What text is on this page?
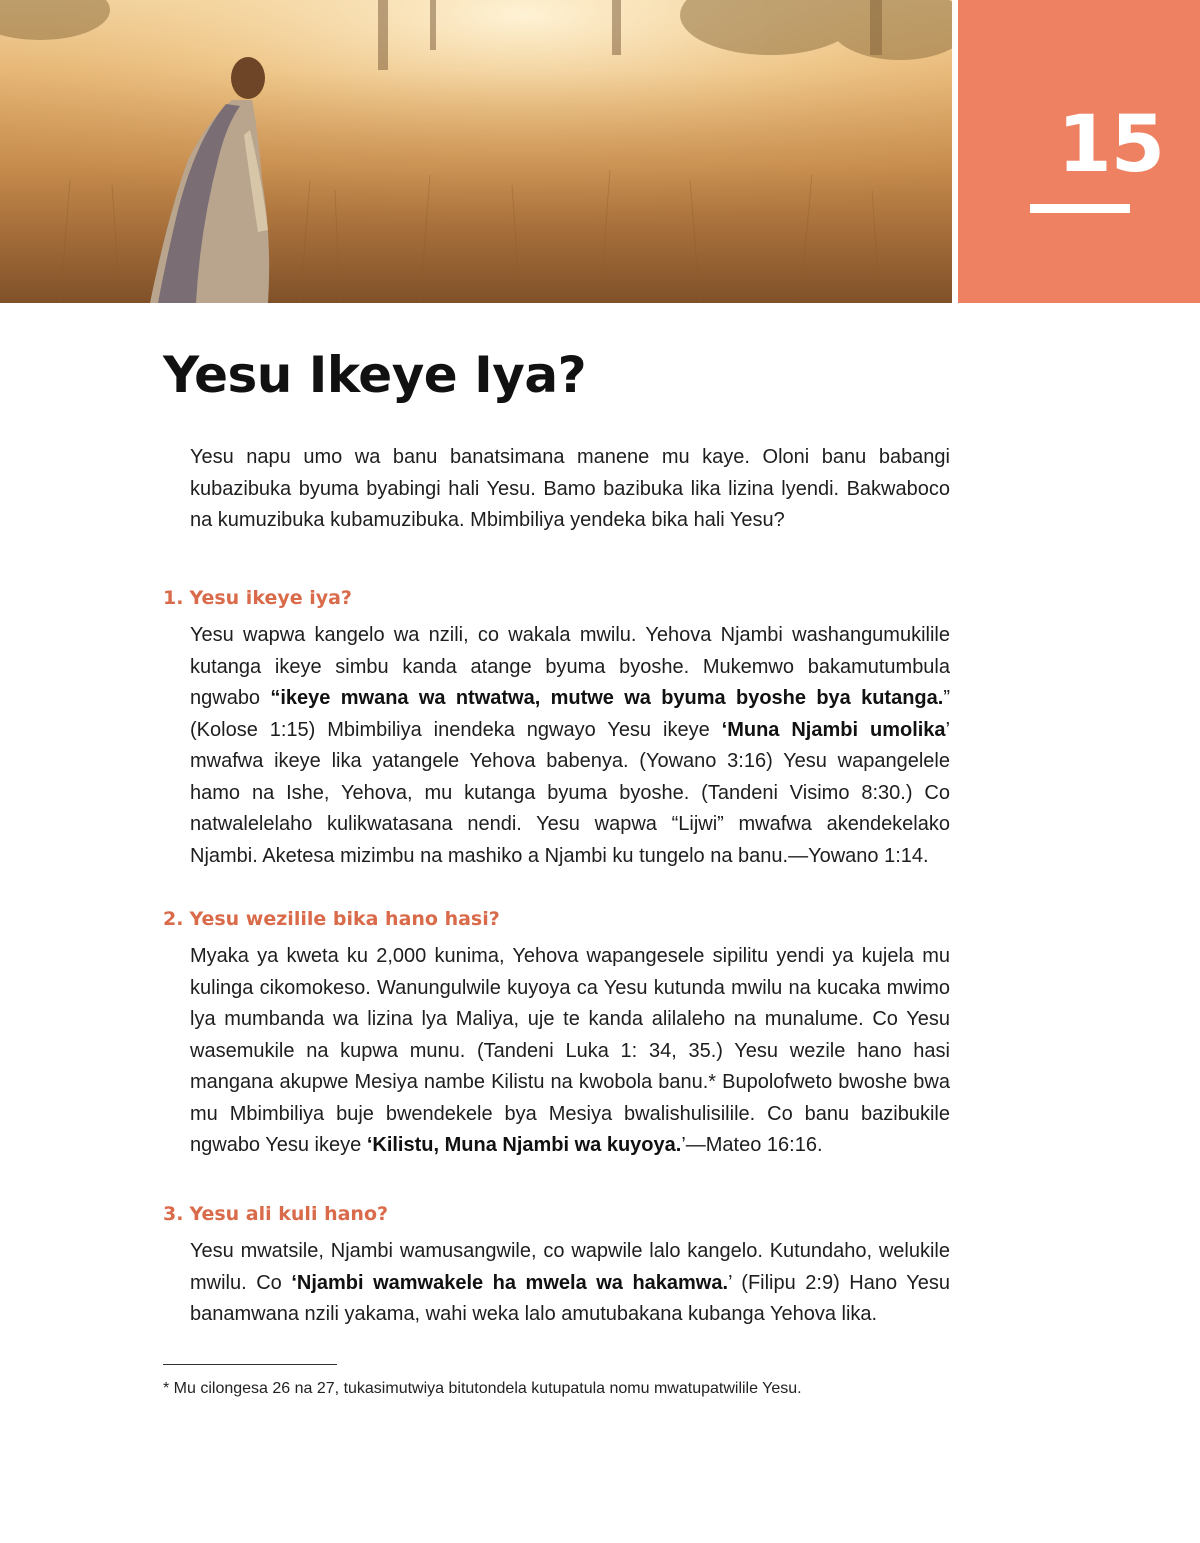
15
Yesu Ikeye Iya?

Yesu napu umo wa banu banatsimana manene mu kaye. Oloni banu babangi kubazibuka byuma byabingi hali Yesu. Bamo bazibuka lika lizina lyendi. Bakwaboco na kumuzibuka kubamuzibuka. Mbimbiliya yendeka bika hali Yesu?

1. Yesu ikeye iya?

Yesu wapwa kangelo wa nzili, co wakala mwilu. Yehova Njambi washangumukilile kutanga ikeye simbu kanda atange byuma byoshe. Mukemwo bakamutumbula ngwabo “ikeye mwana wa ntwatwa, mutwe wa byuma byoshe bya kutanga.” (Kolose 1:15) Mbimbiliya inendeka ngwayo Yesu ikeye ‘Muna Njambi umolika’ mwafwa ikeye lika yatangele Yehova babenya. (Yowano 3:16) Yesu wapangelele hamo na Ishe, Yehova, mu kutanga byuma byoshe. (Tandeni Visimo 8:30.) Co natwalelelaho kulikwatasana nendi. Yesu wapwa “Lijwi” mwafwa akendekelako Njambi. Aketesa mizimbu na mashiko a Njambi ku tungelo na banu.—Yowano 1:14.

2. Yesu wezilile bika hano hasi?

Myaka ya kweta ku 2,000 kunima, Yehova wapangesele sipilitu yendi ya kujela mu kulinga cikomokeso. Wanungulwile kuyoya ca Yesu kutunda mwilu na kucaka mwimo lya mumbanda wa lizina lya Maliya, uje te kanda alilaleho na munalume. Co Yesu wasemukile na kupwa munu. (Tandeni Luka 1: 34, 35.) Yesu wezile hano hasi mangana akupwe Mesiya nambe Kilistu na kwobola banu.* Bupolofweto bwoshe bwa mu Mbimbiliya buje bwendekele bya Mesiya bwalishulisilile. Co banu bazibukile ngwabo Yesu ikeye ‘Kilistu, Muna Njambi wa kuyoya.’—Mateo 16:16.

3. Yesu ali kuli hano?

Yesu mwatsile, Njambi wamusangwile, co wapwile lalo kangelo. Kutundaho, welukile mwilu. Co ‘Njambi wamwakele ha mwela wa hakamwa.’ (Filipu 2:9) Hano Yesu banamwana nzili yakama, wahi weka lalo amutubakana kubanga Yehova lika.

* Mu cilongesa 26 na 27, tukasimutwiya bitutondela kutupatula nomu mwatupatwilile Yesu.
